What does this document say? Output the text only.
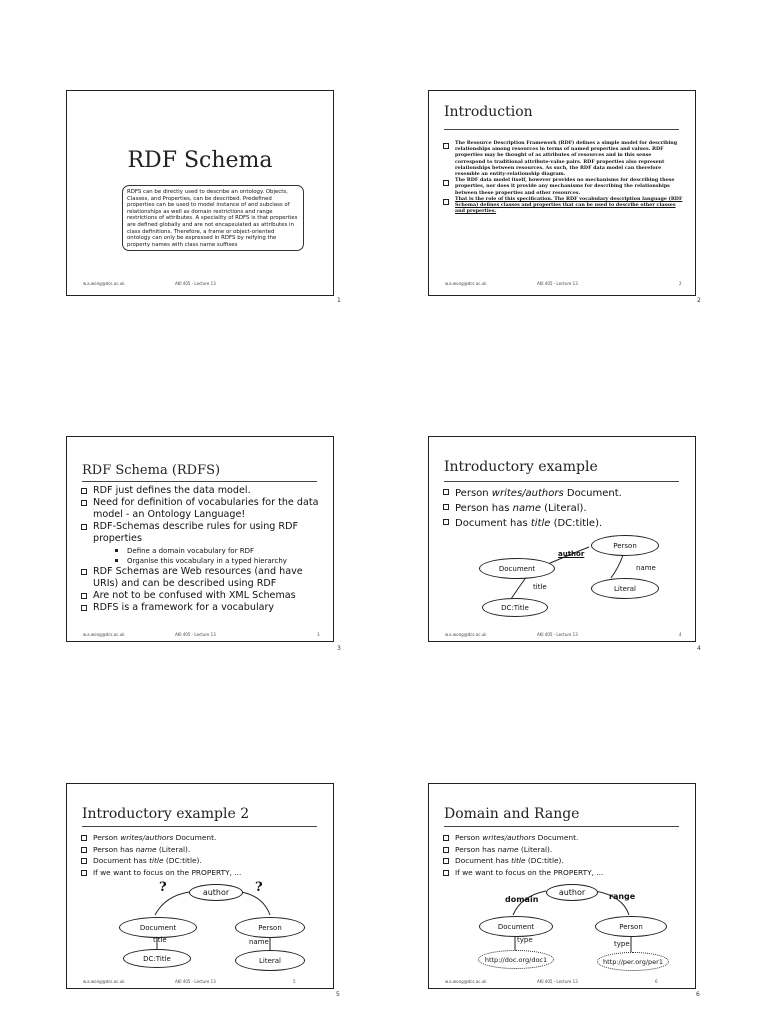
RDF Schema
RDFS can be directly used to describe an ontology. Objects, Classes, and Properties, can be described. Predefined properties can be used to model instance of and subclass of relationships as well as domain restrictions and range restrictions of attributes. A speciality of RDFS is that properties are defined globally and are not encapsulated as attributes in class definitions. Therefore, a frame or object-oriented ontology can only be expressed in RDFS by reifying the property names with class name suffixes
w.a.wong@dcs.ac.uk	AKI 405 - Lecture 13
1
Introduction
The Resource Description Framework (RDF) defines a simple model for describing relationships among resources in terms of named properties and values. RDF properties may be thought of as attributes of resources and in this sense correspond to traditional attribute-value pairs. RDF properties also represent relationships between resources. As such, the RDF data model can therefore resemble an entity-relationship diagram.
The RDF data model itself, however provides no mechanisms for describing these properties, nor does it provide any mechanisms for describing the relationships between these properties and other resources.
That is the role of this specification. The RDF vocabulary description language (RDF Schema) defines classes and properties that can be used to describe other classes and properties.
w.a.wong@dcs.ac.uk	AKI 405 - Lecture 13	2
2
RDF Schema (RDFS)
RDF just defines the data model.
Need for definition of vocabularies for the data model - an Ontology Language!
RDF-Schemas describe rules for using RDF properties
Define a domain vocabulary for RDF
Organise this vocabulary in a typed hierarchy
RDF Schemas are Web resources (and have URIs) and can be described using RDF
Are not to be confused with XML Schemas
RDFS is a framework for a vocabulary
w.a.wong@dcs.ac.uk	AKI 405 - Lecture 13	3
3
Introductory example
Person writes/authors Document.
Person has name (Literal).
Document has title (DC:title).
Person
Document
Literal
DC:Title
author
name
title
w.a.wong@dcs.ac.uk	AKI 405 - Lecture 13	4
4
Introductory example 2
Person writes/authors Document.
Person has name (Literal).
Document has title (DC:title).
If we want to focus on the PROPERTY, ...
author
Document	Person
DC:Title	Literal
title	name
?	?
w.a.wong@dcs.ac.uk	AKI 405 - Lecture 13	5
5
Domain and Range
Person writes/authors Document.
Person has name (Literal).
Document has title (DC:title).
If we want to focus on the PROPERTY, ...
author
Document	Person
http://doc.org/doc1	http://per.org/per1
domain	range
type	type
w.a.wong@dcs.ac.uk	AKI 405 - Lecture 13	6
6
